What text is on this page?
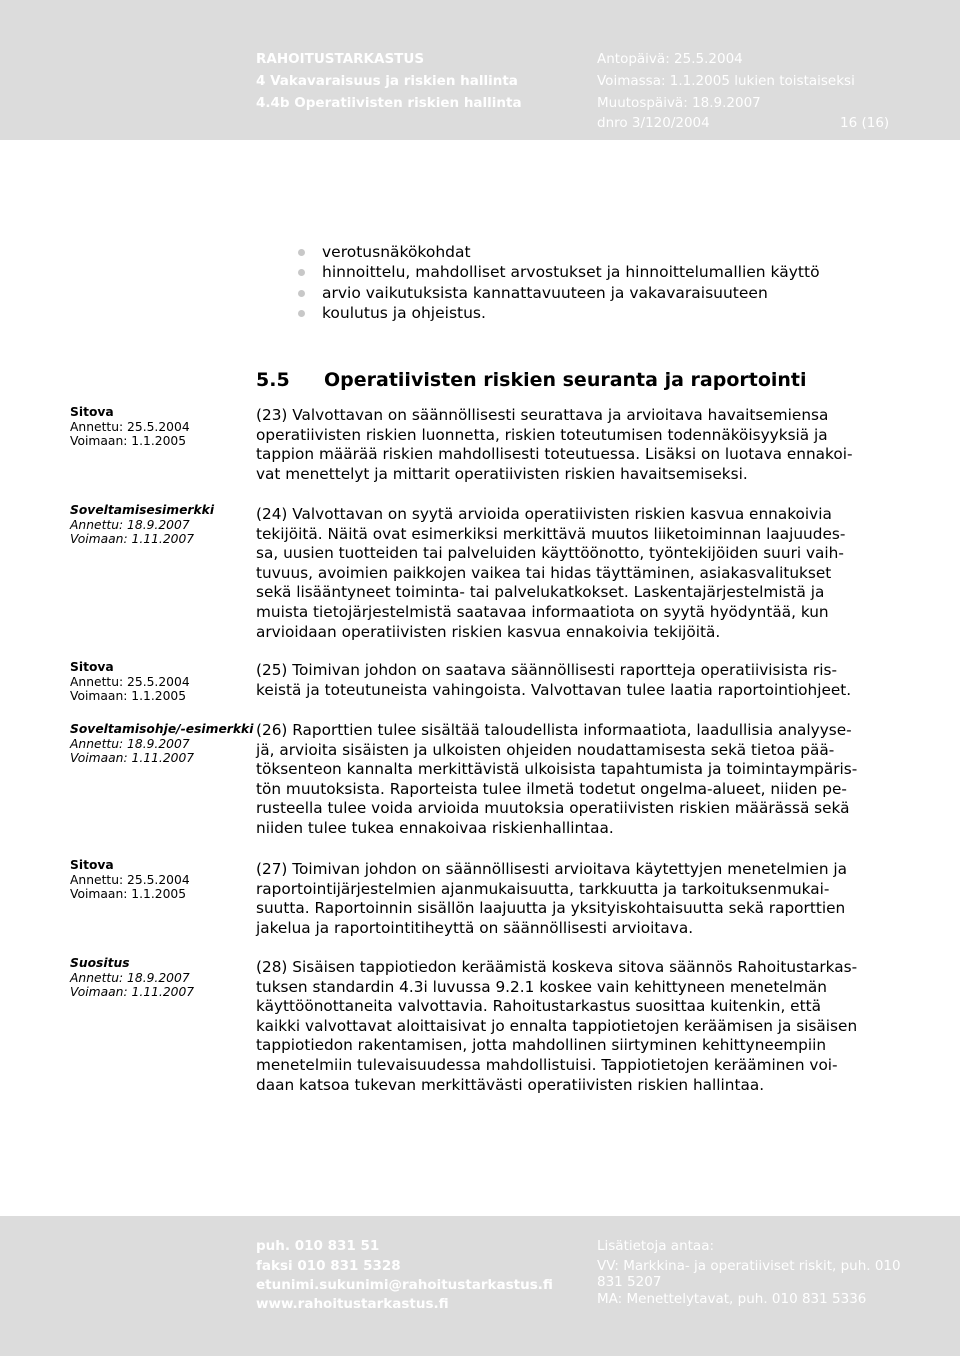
RAHOITUSTARKASTUS
4 Vakavaraisuus ja riskien hallinta
4.4b Operatiivisten riskien hallinta
Antopäivä: 25.5.2004
Voimassa: 1.1.2005 lukien toistaiseksi
Muutospäivä: 18.9.2007
dnro 3/120/2004	16 (16)
verotusnäkökohdat
hinnoittelu, mahdolliset arvostukset ja hinnoittelumallien käyttö
arvio vaikutuksista kannattavuuteen ja vakavaraisuuteen
koulutus ja ohjeistus.
5.5 Operatiivisten riskien seuranta ja raportointi
Sitova
Annettu: 25.5.2004
Voimaan: 1.1.2005
Soveltamisesimerkki
Annettu: 18.9.2007
Voimaan: 1.11.2007
Sitova
Annettu: 25.5.2004
Voimaan: 1.1.2005
Soveltamisohje/-esimerkki
Annettu: 18.9.2007
Voimaan: 1.11.2007
Sitova
Annettu: 25.5.2004
Voimaan: 1.1.2005
Suositus
Annettu: 18.9.2007
Voimaan: 1.11.2007

(23) Valvottavan on säännöllisesti seurattava ja arvioitava havaitsemiensa
operatiivisten riskien luonnetta, riskien toteutumisen todennäköisyyksiä ja
tappion määrää riskien mahdollisesti toteutuessa. Lisäksi on luotava ennakoi-
vat menettelyt ja mittarit operatiivisten riskien havaitsemiseksi.

(24) Valvottavan on syytä arvioida operatiivisten riskien kasvua ennakoivia
tekijöitä. Näitä ovat esimerkiksi merkittävä muutos liiketoiminnan laajuudes-
sa, uusien tuotteiden tai palveluiden käyttöönotto, työntekijöiden suuri vaih-
tuvuus, avoimien paikkojen vaikea tai hidas täyttäminen, asiakasvalitukset
sekä lisääntyneet toiminta- tai palvelukatkokset. Laskentajärjestelmistä ja
muista tietojärjestelmistä saatavaa informaatiota on syytä hyödyntää, kun
arvioidaan operatiivisten riskien kasvua ennakoivia tekijöitä.

(25) Toimivan johdon on saatava säännöllisesti raportteja operatiivisista ris-
keistä ja toteutuneista vahingoista. Valvottavan tulee laatia raportointiohjeet.

(26) Raporttien tulee sisältää taloudellista informaatiota, laadullisia analyyse-
jä, arvioita sisäisten ja ulkoisten ohjeiden noudattamisesta sekä tietoa pää-
töksenteon kannalta merkittävistä ulkoisista tapahtumista ja toimintaympäris-
tön muutoksista. Raporteista tulee ilmetä todetut ongelma-alueet, niiden pe-
rusteella tulee voida arvioida muutoksia operatiivisten riskien määrässä sekä
niiden tulee tukea ennakoivaa riskienhallintaa.

(27) Toimivan johdon on säännöllisesti arvioitava käytettyjen menetelmien ja
raportointijärjestelmien ajanmukaisuutta, tarkkuutta ja tarkoituksenmukai-
suutta. Raportoinnin sisällön laajuutta ja yksityiskohtaisuutta sekä raporttien
jakelua ja raportointitiheyttä on säännöllisesti arvioitava.

(28) Sisäisen tappiotiedon keräämistä koskeva sitova säännös Rahoitustarkas-
tuksen standardin 4.3i luvussa 9.2.1 koskee vain kehittyneen menetelmän
käyttöönottaneita valvottavia. Rahoitustarkastus suosittaa kuitenkin, että
kaikki valvottavat aloittaisivat jo ennalta tappiotietojen keräämisen ja sisäisen
tappiotiedon rakentamisen, jotta mahdollinen siirtyminen kehittyneempiin
menetelmiin tulevaisuudessa mahdollistuisi. Tappiotietojen kerääminen voi-
daan katsoa tukevan merkittävästi operatiivisten riskien hallintaa.

puh. 010 831 51
faksi 010 831 5328
etunimi.sukunimi@rahoitustarkastus.fi
www.rahoitustarkastus.fi
Lisätietoja antaa:
VV: Markkina- ja operatiiviset riskit, puh. 010
831 5207
MA: Menettelytavat, puh. 010 831 5336
